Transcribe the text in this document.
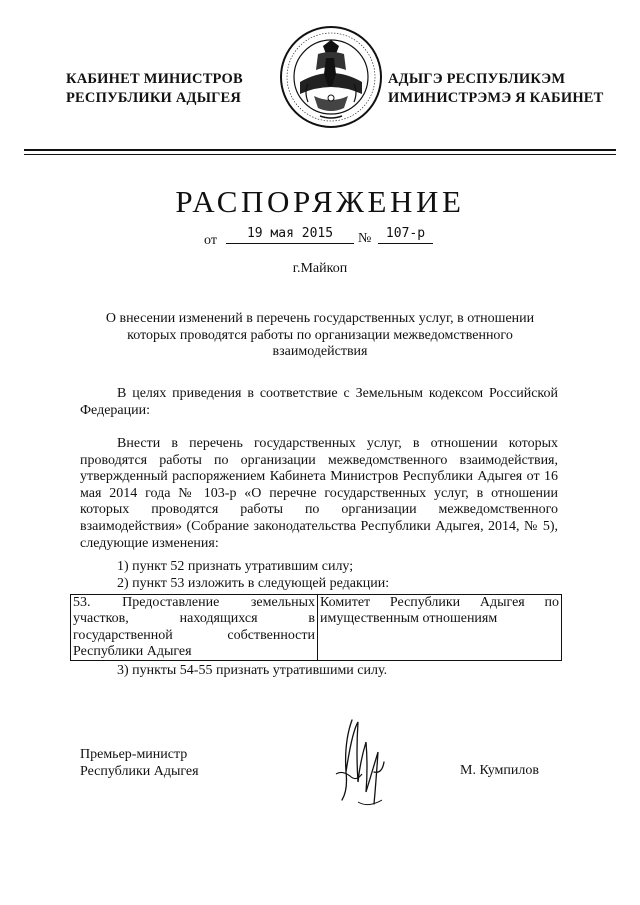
КАБИНЕТ МИНИСТРОВ
РЕСПУБЛИКИ АДЫГЕЯ
АДЫГЭ РЕСПУБЛИКЭМ
ИМИНИСТРЭМЭ Я КАБИНЕТ
РАСПОРЯЖЕНИЕ
от	19 мая 2015	№	107-р
г.Майкоп
О внесении изменений в перечень государственных услуг, в отношении которых проводятся работы по организации межведомственного взаимодействия
В целях приведения в соответствие с Земельным кодексом Российской Федерации:
Внести в перечень государственных услуг, в отношении которых проводятся работы по организации межведомственного взаимодействия, утвержденный распоряжением Кабинета Министров Республики Адыгея от 16 мая 2014 года № 103-р «О перечне государственных услуг, в отношении которых проводятся работы по организации межведомственного взаимодействия» (Собрание законодательства Республики Адыгея, 2014, № 5), следующие изменения:
1) пункт 52 признать утратившим силу;
2) пункт 53 изложить в следующей редакции:
53. Предоставление земельных участков, находящихся в государственной собственности Республики Адыгея	Комитет Республики Адыгея по имущественным отношениям
3) пункты 54-55 признать утратившими силу.
Премьер-министр
Республики Адыгея	М. Кумпилов
